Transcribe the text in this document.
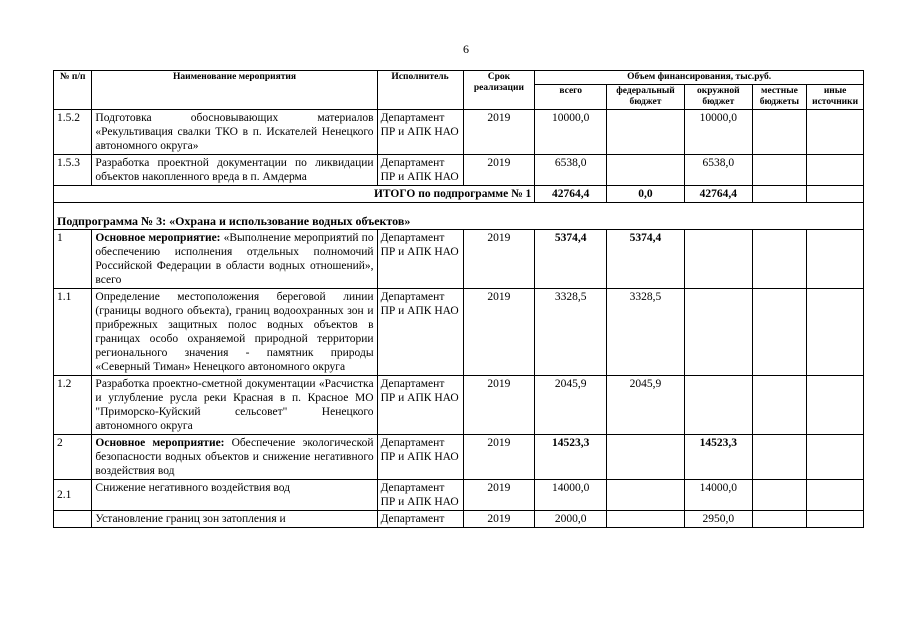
6
№ п/п	Наименование мероприятия	Исполнитель	Срок реализации	Объем финансирования, тыс.руб.				
				всего	федеральный бюджет	окружной бюджет	местные бюджеты	иные источники
1.5.2	Подготовка обосновывающих материалов «Рекультивация свалки ТКО в п. Искателей Ненецкого автономного округа»	Департамент ПР и АПК НАО	2019	10000,0		10000,0		
1.5.3	Разработка проектной документации по ликвидации объектов накопленного вреда в п. Амдерма	Департамент ПР и АПК НАО	2019	6538,0		6538,0		
ИТОГО по подпрограмме № 1				42764,4	0,0	42764,4		

Подпрограмма № 3: «Охрана и использование водных объектов»								
1	Основное мероприятие: «Выполнение мероприятий по обеспечению исполнения отдельных полномочий Российской Федерации в области водных отношений», всего	Департамент ПР и АПК НАО	2019	5374,4	5374,4			
1.1	Определение местоположения береговой линии (границы водного объекта), границ водоохранных зон и прибрежных защитных полос водных объектов в границах особо охраняемой природной территории регионального значения - памятник природы «Северный Тиман» Ненецкого автономного округа	Департамент ПР и АПК НАО	2019	3328,5	3328,5			
1.2	Разработка проектно-сметной документации «Расчистка и углубление русла реки Красная в п. Красное МО "Приморско-Куйский сельсовет" Ненецкого автономного округа	Департамент ПР и АПК НАО	2019	2045,9	2045,9			
2	Основное мероприятие: Обеспечение экологической безопасности водных объектов и снижение негативного воздействия вод	Департамент ПР и АПК НАО	2019	14523,3		14523,3		
2.1	Снижение негативного воздействия вод	Департамент ПР и АПК НАО	2019	14000,0		14000,0		
	Установление границ зон затопления и	Департамент	2019	2000,0		2950,0		
